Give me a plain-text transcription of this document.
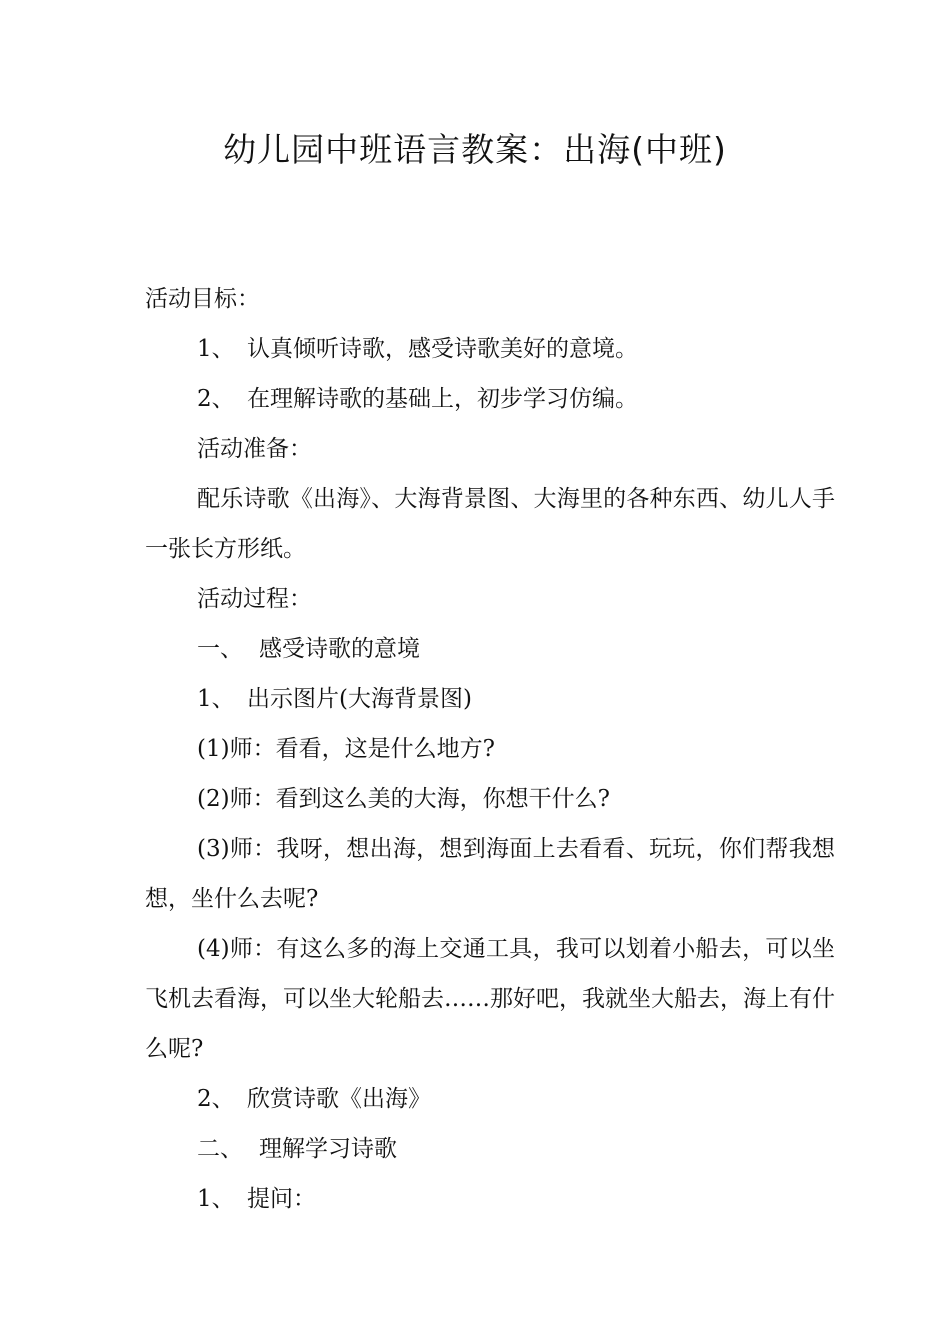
幼儿园中班语言教案：出海(中班)

活动目标：

1、 认真倾听诗歌，感受诗歌美好的意境。

2、 在理解诗歌的基础上，初步学习仿编。

活动准备：

配乐诗歌《出海》、大海背景图、大海里的各种东西、幼儿人手一张长方形纸。

活动过程：

一、 感受诗歌的意境

1、 出示图片(大海背景图)

(1)师：看看，这是什么地方?

(2)师：看到这么美的大海，你想干什么?

(3)师：我呀，想出海，想到海面上去看看、玩玩，你们帮我想想，坐什么去呢?

(4)师：有这么多的海上交通工具，我可以划着小船去，可以坐飞机去看海，可以坐大轮船去……那好吧，我就坐大船去，海上有什么呢?

2、 欣赏诗歌《出海》

二、 理解学习诗歌

1、 提问：
